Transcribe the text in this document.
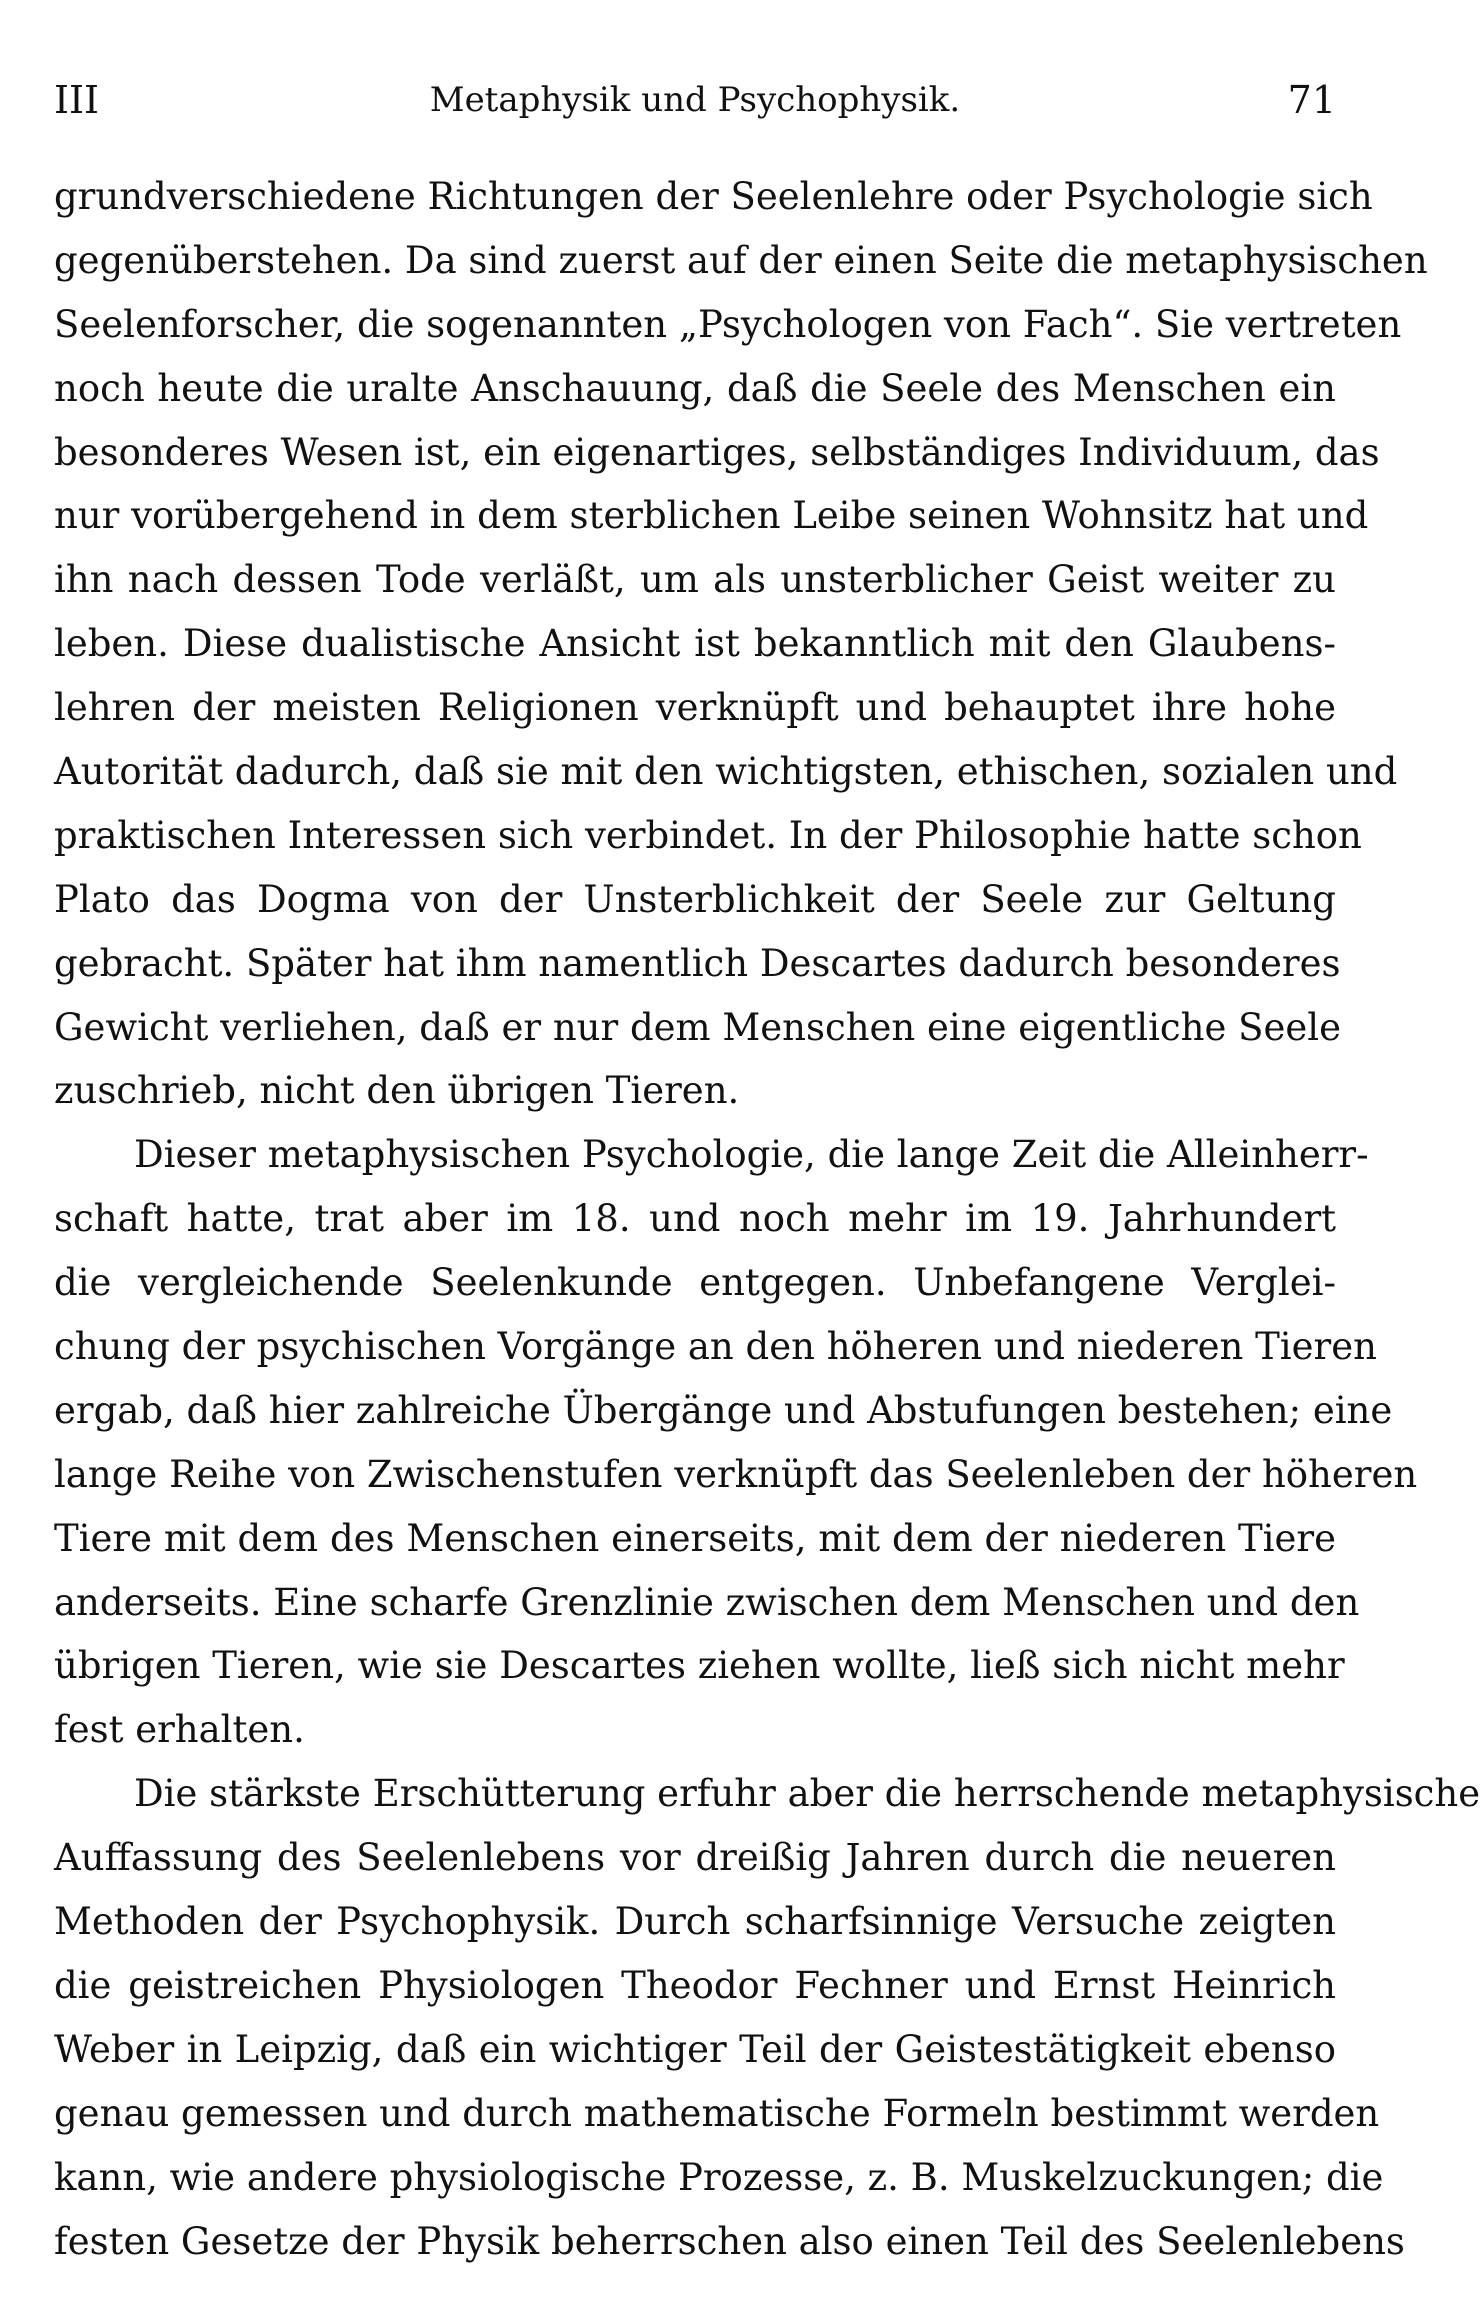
III	Metaphysik und Psychophysik.	71
grundverschiedene Richtungen der Seelenlehre oder Psychologie sich
gegenüberstehen. Da sind zuerst auf der einen Seite die metaphysischen
Seelenforscher, die sogenannten „Psychologen von Fach“. Sie vertreten
noch heute die uralte Anschauung, daß die Seele des Menschen ein
besonderes Wesen ist, ein eigenartiges, selbständiges Individuum, das
nur vorübergehend in dem sterblichen Leibe seinen Wohnsitz hat und
ihn nach dessen Tode verläßt, um als unsterblicher Geist weiter zu
leben. Diese dualistische Ansicht ist bekanntlich mit den Glaubens-
lehren der meisten Religionen verknüpft und behauptet ihre hohe
Autorität dadurch, daß sie mit den wichtigsten, ethischen, sozialen und
praktischen Interessen sich verbindet. In der Philosophie hatte schon
Plato das Dogma von der Unsterblichkeit der Seele zur Geltung
gebracht. Später hat ihm namentlich Descartes dadurch besonderes
Gewicht verliehen, daß er nur dem Menschen eine eigentliche Seele
zuschrieb, nicht den übrigen Tieren.
Dieser metaphysischen Psychologie, die lange Zeit die Alleinherr-
schaft hatte, trat aber im 18. und noch mehr im 19. Jahrhundert
die vergleichende Seelenkunde entgegen. Unbefangene Verglei-
chung der psychischen Vorgänge an den höheren und niederen Tieren
ergab, daß hier zahlreiche Übergänge und Abstufungen bestehen; eine
lange Reihe von Zwischenstufen verknüpft das Seelenleben der höheren
Tiere mit dem des Menschen einerseits, mit dem der niederen Tiere
anderseits. Eine scharfe Grenzlinie zwischen dem Menschen und den
übrigen Tieren, wie sie Descartes ziehen wollte, ließ sich nicht mehr
fest erhalten.
Die stärkste Erschütterung erfuhr aber die herrschende metaphysische
Auffassung des Seelenlebens vor dreißig Jahren durch die neueren
Methoden der Psychophysik. Durch scharfsinnige Versuche zeigten
die geistreichen Physiologen Theodor Fechner und Ernst Heinrich
Weber in Leipzig, daß ein wichtiger Teil der Geistestätigkeit ebenso
genau gemessen und durch mathematische Formeln bestimmt werden
kann, wie andere physiologische Prozesse, z. B. Muskelzuckungen; die
festen Gesetze der Physik beherrschen also einen Teil des Seelenlebens
